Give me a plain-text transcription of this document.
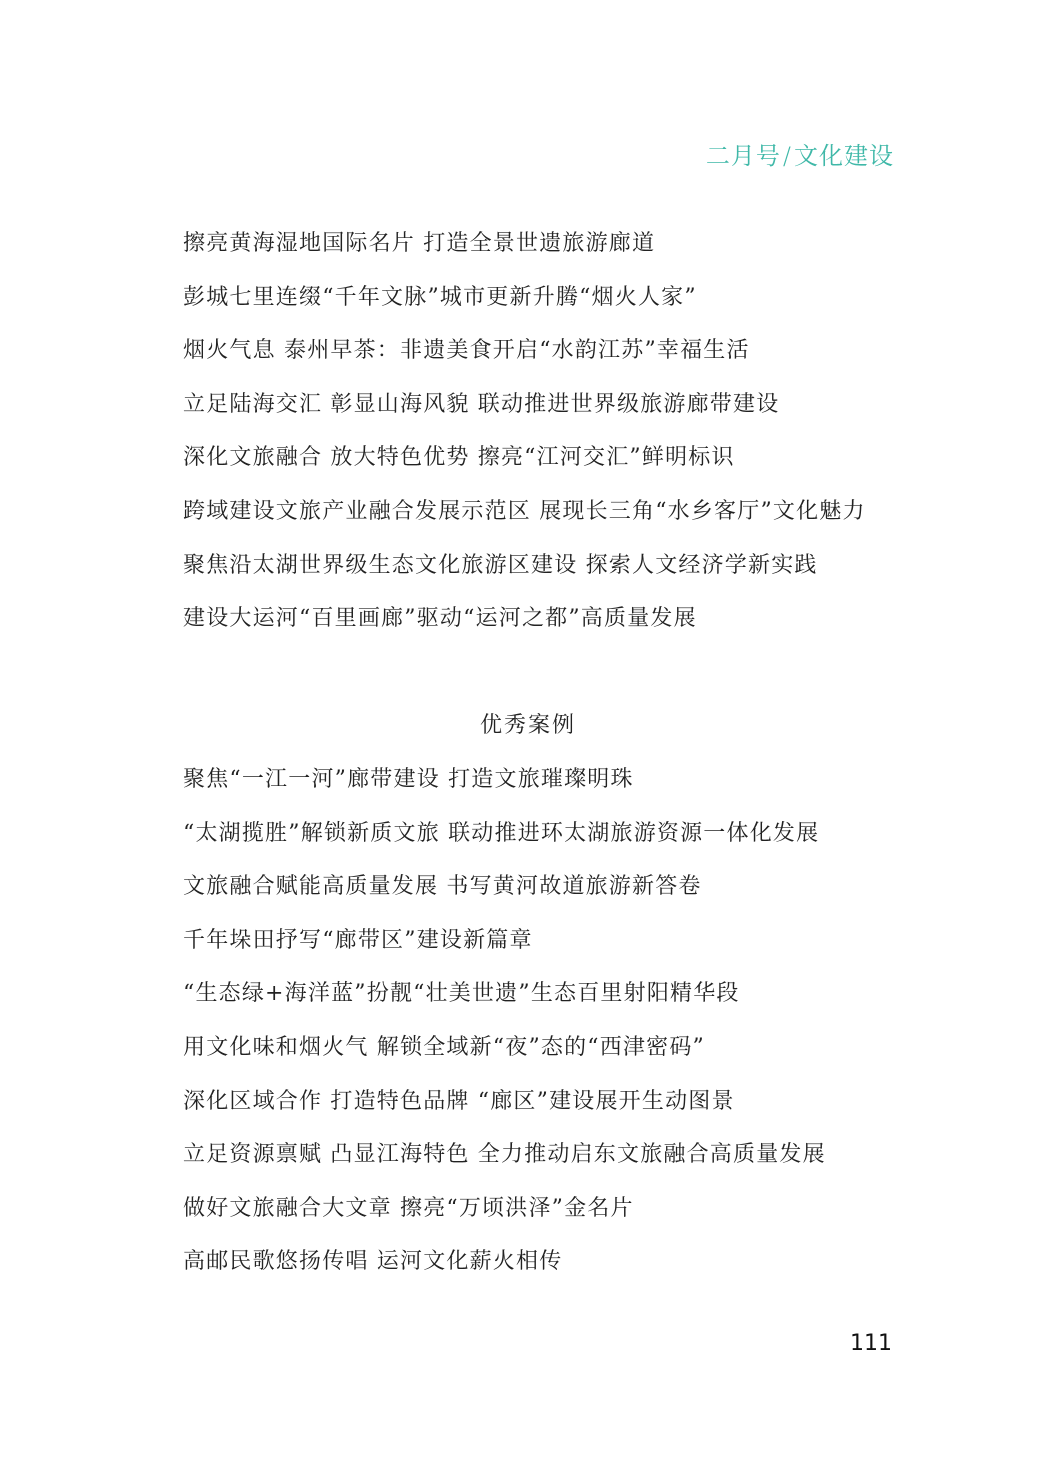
二月号/文化建设
擦亮黄海湿地国际名片 打造全景世遗旅游廊道
彭城七里连缀“千年文脉”城市更新升腾“烟火人家”
烟火气息 泰州早茶：非遗美食开启“水韵江苏”幸福生活
立足陆海交汇 彰显山海风貌 联动推进世界级旅游廊带建设
深化文旅融合 放大特色优势 擦亮“江河交汇”鲜明标识
跨域建设文旅产业融合发展示范区 展现长三角“水乡客厅”文化魅力
聚焦沿太湖世界级生态文化旅游区建设 探索人文经济学新实践
建设大运河“百里画廊”驱动“运河之都”高质量发展
优秀案例
聚焦“一江一河”廊带建设 打造文旅璀璨明珠
“太湖揽胜”解锁新质文旅 联动推进环太湖旅游资源一体化发展
文旅融合赋能高质量发展 书写黄河故道旅游新答卷
千年垛田抒写“廊带区”建设新篇章
“生态绿+海洋蓝”扮靓“壮美世遗”生态百里射阳精华段
用文化味和烟火气 解锁全域新“夜”态的“西津密码”
深化区域合作 打造特色品牌 “廊区”建设展开生动图景
立足资源禀赋 凸显江海特色 全力推动启东文旅融合高质量发展
做好文旅融合大文章 擦亮“万顷洪泽”金名片
高邮民歌悠扬传唱 运河文化薪火相传
111
